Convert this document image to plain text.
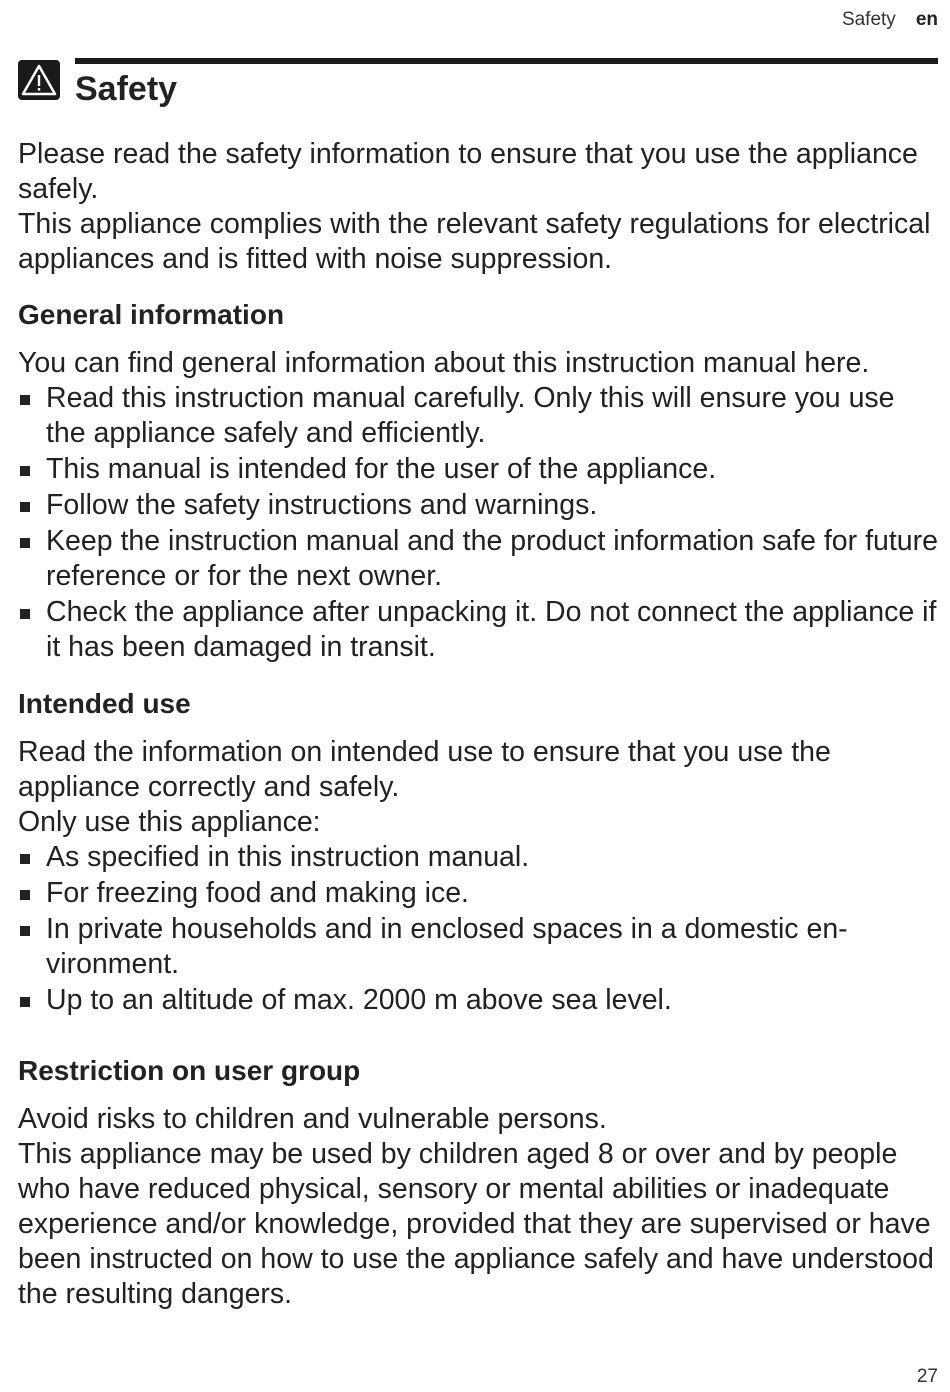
Safety en
Safety

Please read the safety information to ensure that you use the appliance safely.

This appliance complies with the relevant safety regulations for electrical appliances and is fitted with noise suppression.

General information

You can find general information about this instruction manual here.

Read this instruction manual carefully. Only this will ensure you use the appliance safely and efficiently.
This manual is intended for the user of the appliance.
Follow the safety instructions and warnings.
Keep the instruction manual and the product information safe for future reference or for the next owner.
Check the appliance after unpacking it. Do not connect the appliance if it has been damaged in transit.
Intended use

Read the information on intended use to ensure that you use the appliance correctly and safely.

Only use this appliance:

As specified in this instruction manual.
For freezing food and making ice.
In private households and in enclosed spaces in a domestic environment.
Up to an altitude of max. 2000 m above sea level.
Restriction on user group

Avoid risks to children and vulnerable persons.

This appliance may be used by children aged 8 or over and by people who have reduced physical, sensory or mental abilities or inadequate experience and/or knowledge, provided that they are supervised or have been instructed on how to use the appliance safely and have understood the resulting dangers.

27
